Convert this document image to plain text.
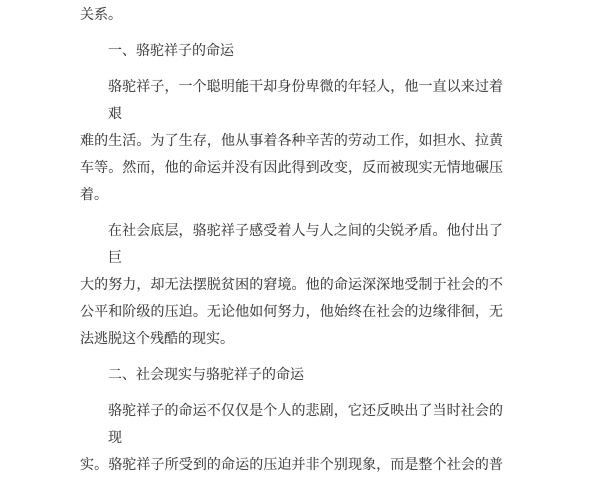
关系。
一、骆驼祥子的命运
骆驼祥子，一个聪明能干却身份卑微的年轻人，他一直以来过着艰
难的生活。为了生存，他从事着各种辛苦的劳动工作，如担水、拉黄
车等。然而，他的命运并没有因此得到改变，反而被现实无情地碾压
着。
在社会底层，骆驼祥子感受着人与人之间的尖锐矛盾。他付出了巨
大的努力，却无法摆脱贫困的窘境。他的命运深深地受制于社会的不
公平和阶级的压迫。无论他如何努力，他始终在社会的边缘徘徊，无
法逃脱这个残酷的现实。
二、社会现实与骆驼祥子的命运
骆驼祥子的命运不仅仅是个人的悲剧，它还反映出了当时社会的现
实。骆驼祥子所受到的命运的压迫并非个别现象，而是整个社会的普
